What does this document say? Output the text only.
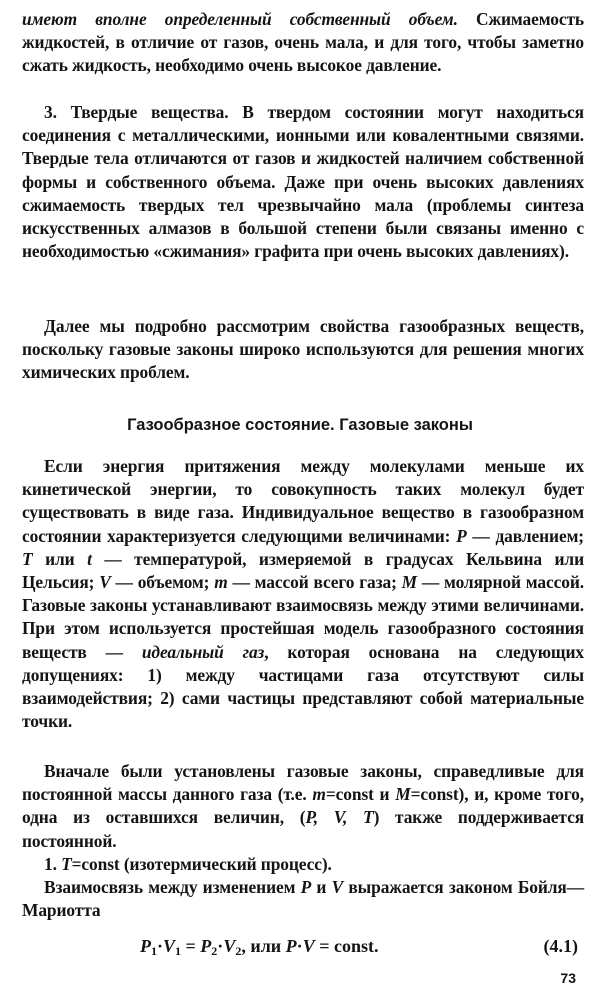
имеют вполне определенный собственный объем. Сжимаемость жидкостей, в отличие от газов, очень мала, и для того, чтобы заметно сжать жидкость, необходимо очень высокое давление.

3. Твердые вещества. В твердом состоянии могут находиться соединения с металлическими, ионными или ковалентными связями. Твердые тела отличаются от газов и жидкостей наличием собственной формы и собственного объема. Даже при очень высоких давлениях сжимаемость твердых тел чрезвычайно мала (проблемы синтеза искусственных алмазов в большой степени были связаны именно с необходимостью «сжимания» графита при очень высоких давлениях).

Далее мы подробно рассмотрим свойства газообразных веществ, поскольку газовые законы широко используются для решения многих химических проблем.

Газообразное состояние. Газовые законы

Если энергия притяжения между молекулами меньше их кинетической энергии, то совокупность таких молекул будет существовать в виде газа. Индивидуальное вещество в газообразном состоянии характеризуется следующими величинами: P — давлением; T или t — температурой, измеряемой в градусах Кельвина или Цельсия; V — объемом; m — массой всего газа; M — молярной массой. Газовые законы устанавливают взаимосвязь между этими величинами. При этом используется простейшая модель газообразного состояния веществ — идеальный газ, которая основана на следующих допущениях: 1) между частицами газа отсутствуют силы взаимодействия; 2) сами частицы представляют собой материальные точки.

Вначале были установлены газовые законы, справедливые для постоянной массы данного газа (т.е. m=const и M=const), и, кроме того, одна из оставшихся величин, (P, V, T) также поддерживается постоянной.

1. T=const (изотермический процесс).

Взаимосвязь между изменением P и V выражается законом Бойля—Мариотта

$P_1\cdot V_1 = P_2\cdot V_2$, или P·V = const.	(4.1)

73
